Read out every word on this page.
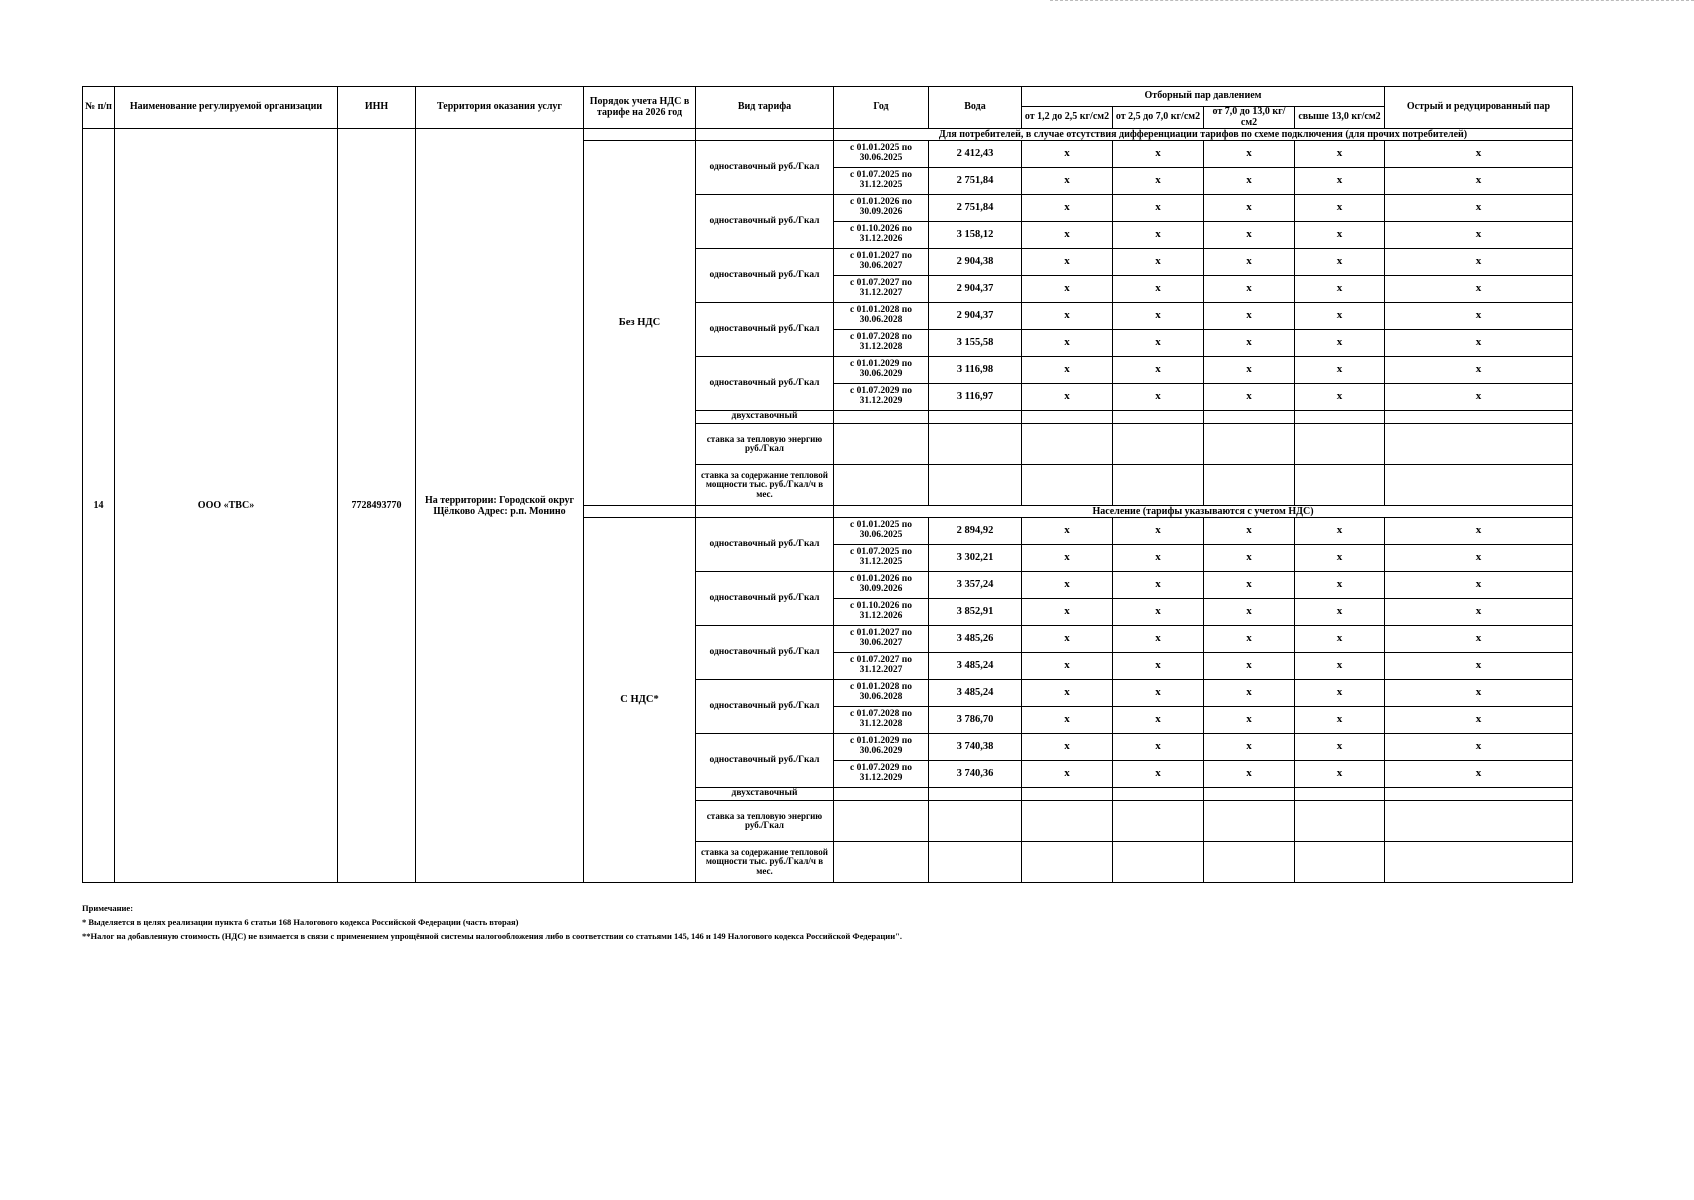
№ п/п	Наименование регулируемой организации	ИНН	Территория оказания услуг	Порядок учета НДС в тарифе на 2026 год	Вид тарифа	Год	Вода	Отборный пар давлением				Острый и редуцированный пар
								от 1,2 до 2,5 кг/см2	от 2,5 до 7,0 кг/см2	от 7,0 до 13,0 кг/см2	свыше 13,0 кг/см2	
14	ООО «ТВС»	7728493770	На территории: Городской округ Щёлково Адрес: р.п. Монино			Для потребителей, в случае отсутствия дифференциации тарифов по схеме подключения (для прочих потребителей)						
				Без НДС	одноставочный руб./Гкал	с 01.01.2025 по 30.06.2025	2 412,43	x	x	x	x	x
						с 01.07.2025 по 31.12.2025	2 751,84	x	x	x	x	x
					одноставочный руб./Гкал	с 01.01.2026 по 30.09.2026	2 751,84	x	x	x	x	x
						с 01.10.2026 по 31.12.2026	3 158,12	x	x	x	x	x
					одноставочный руб./Гкал	с 01.01.2027 по 30.06.2027	2 904,38	x	x	x	x	x
						с 01.07.2027 по 31.12.2027	2 904,37	x	x	x	x	x
					одноставочный руб./Гкал	с 01.01.2028 по 30.06.2028	2 904,37	x	x	x	x	x
						с 01.07.2028 по 31.12.2028	3 155,58	x	x	x	x	x
					одноставочный руб./Гкал	с 01.01.2029 по 30.06.2029	3 116,98	x	x	x	x	x
						с 01.07.2029 по 31.12.2029	3 116,97	x	x	x	x	x
					двухставочный							
					ставка за тепловую энергию руб./Гкал							
					ставка за содержание тепловой мощности тыс. руб./Гкал/ч в мес.							
						Население (тарифы указываются с учетом НДС)						
				С НДС*	одноставочный руб./Гкал	с 01.01.2025 по 30.06.2025	2 894,92	x	x	x	x	x
						с 01.07.2025 по 31.12.2025	3 302,21	x	x	x	x	x
					одноставочный руб./Гкал	с 01.01.2026 по 30.09.2026	3 357,24	x	x	x	x	x
						с 01.10.2026 по 31.12.2026	3 852,91	x	x	x	x	x
					одноставочный руб./Гкал	с 01.01.2027 по 30.06.2027	3 485,26	x	x	x	x	x
						с 01.07.2027 по 31.12.2027	3 485,24	x	x	x	x	x
					одноставочный руб./Гкал	с 01.01.2028 по 30.06.2028	3 485,24	x	x	x	x	x
						с 01.07.2028 по 31.12.2028	3 786,70	x	x	x	x	x
					одноставочный руб./Гкал	с 01.01.2029 по 30.06.2029	3 740,38	x	x	x	x	x
						с 01.07.2029 по 31.12.2029	3 740,36	x	x	x	x	x
					двухставочный							
					ставка за тепловую энергию руб./Гкал							
					ставка за содержание тепловой мощности тыс. руб./Гкал/ч в мес.							
Примечание:
* Выделяется в целях реализации пункта 6 статьи 168 Налогового кодекса Российской Федерации (часть вторая)
**Налог на добавленную стоимость (НДС) не взимается в связи с применением упрощённой системы налогообложения либо в соответствии со статьями 145, 146 и 149 Налогового кодекса Российской Федерации".
